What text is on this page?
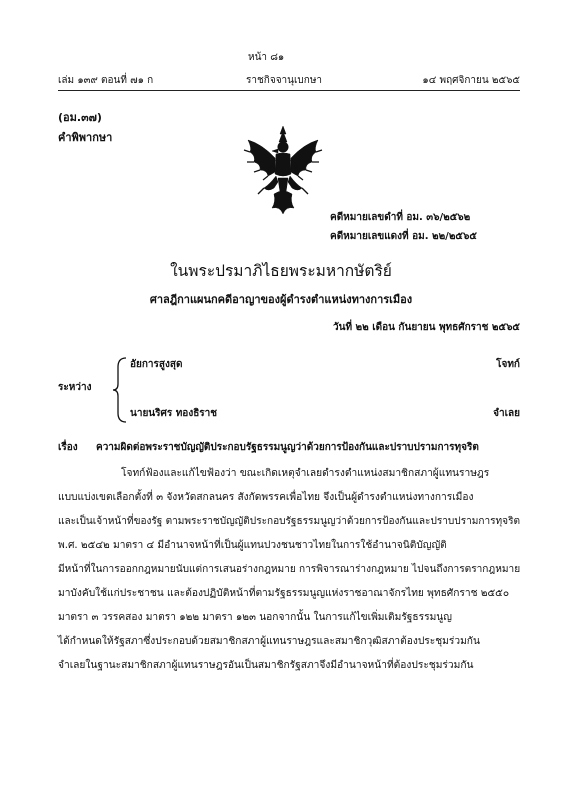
หน้า ๘๑
เล่ม ๑๓๙ ตอนที่ ๗๑ ก	ราชกิจจานุเบกษา	๑๔ พฤศจิกายน ๒๕๖๕
(อม.๓๗)
คำพิพากษา
คดีหมายเลขดำที่ อม. ๓๖/๒๕๖๒
คดีหมายเลขแดงที่ อม. ๒๒/๒๕๖๕
ในพระปรมาภิไธยพระมหากษัตริย์
ศาลฎีกาแผนกคดีอาญาของผู้ดำรงตำแหน่งทางการเมือง
วันที่ ๒๒ เดือน กันยายน พุทธศักราช ๒๕๖๕
ระหว่าง
อัยการสูงสุด	โจทก์
นายนริศร ทองธิราช	จำเลย
เรื่อง ความผิดต่อพระราชบัญญัติประกอบรัฐธรรมนูญว่าด้วยการป้องกันและปราบปรามการทุจริต
โจทก์ฟ้องและแก้ไขฟ้องว่า ขณะเกิดเหตุจำเลยดำรงตำแหน่งสมาชิกสภาผู้แทนราษฎร
แบบแบ่งเขตเลือกตั้งที่ ๓ จังหวัดสกลนคร สังกัดพรรคเพื่อไทย จึงเป็นผู้ดำรงตำแหน่งทางการเมือง
และเป็นเจ้าหน้าที่ของรัฐ ตามพระราชบัญญัติประกอบรัฐธรรมนูญว่าด้วยการป้องกันและปราบปรามการทุจริต
พ.ศ. ๒๕๔๒ มาตรา ๔ มีอำนาจหน้าที่เป็นผู้แทนปวงชนชาวไทยในการใช้อำนาจนิติบัญญัติ
มีหน้าที่ในการออกกฎหมายนับแต่การเสนอร่างกฎหมาย การพิจารณาร่างกฎหมาย ไปจนถึงการตรากฎหมาย
มาบังคับใช้แก่ประชาชน และต้องปฏิบัติหน้าที่ตามรัฐธรรมนูญแห่งราชอาณาจักรไทย พุทธศักราช ๒๕๕๐
มาตรา ๓ วรรคสอง มาตรา ๑๒๒ มาตรา ๑๒๓ นอกจากนั้น ในการแก้ไขเพิ่มเติมรัฐธรรมนูญ
ได้กำหนดให้รัฐสภาซึ่งประกอบด้วยสมาชิกสภาผู้แทนราษฎรและสมาชิกวุฒิสภาต้องประชุมร่วมกัน
จำเลยในฐานะสมาชิกสภาผู้แทนราษฎรอันเป็นสมาชิกรัฐสภาจึงมีอำนาจหน้าที่ต้องประชุมร่วมกัน
